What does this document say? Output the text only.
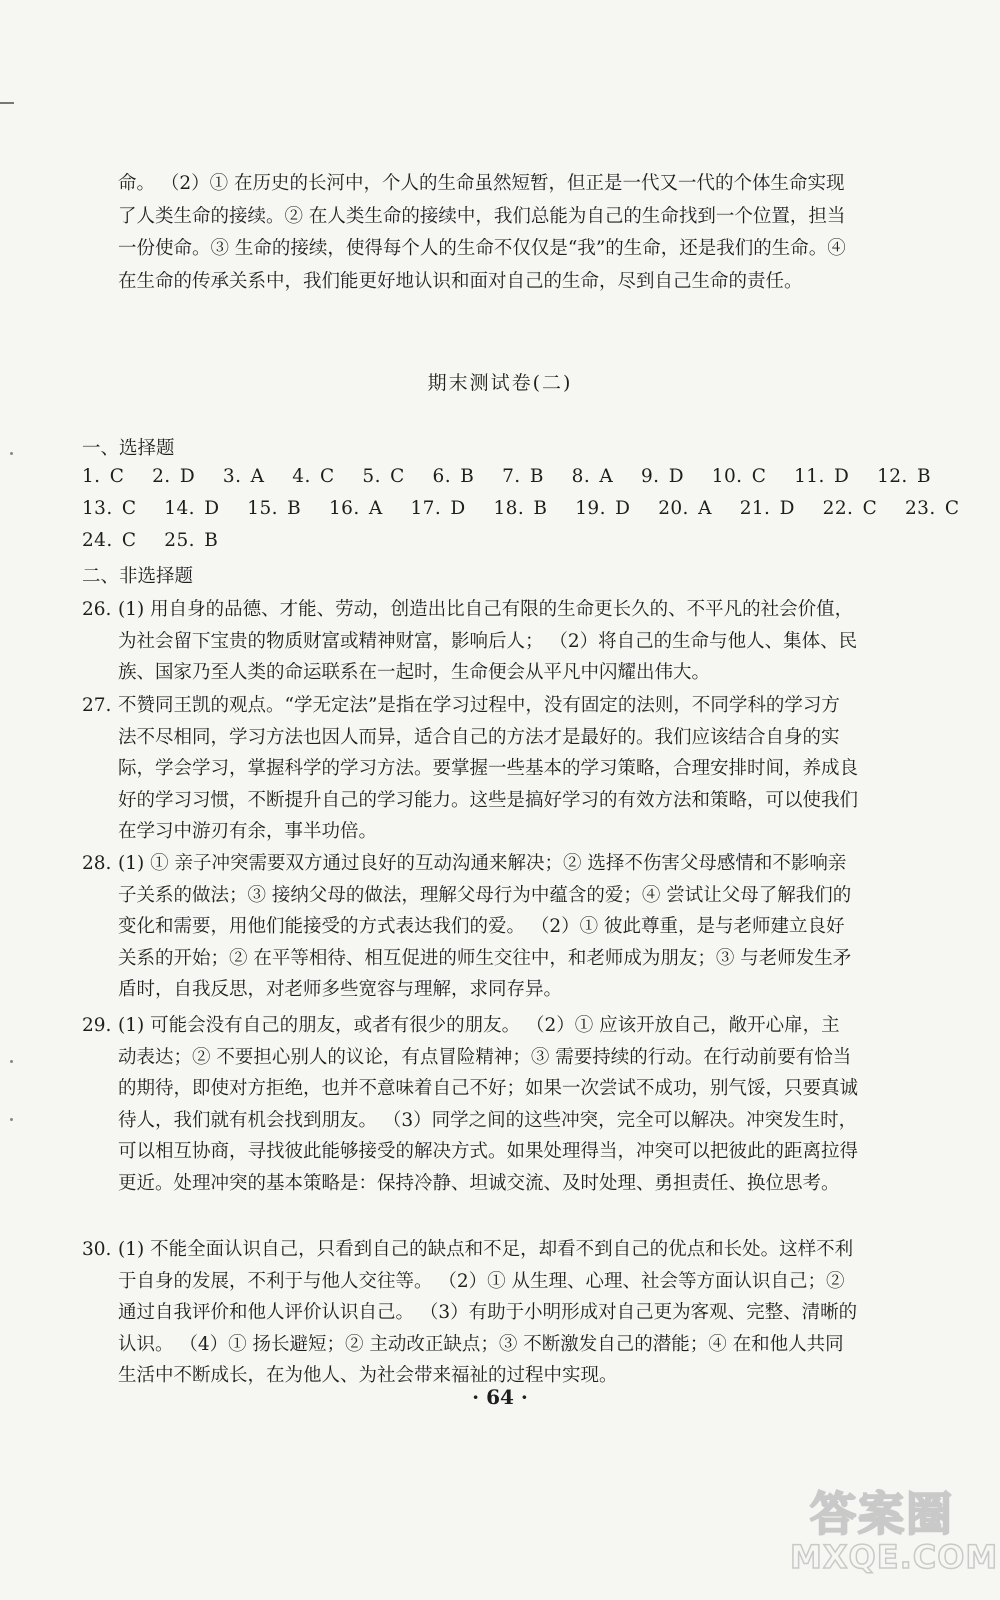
命。 （2）① 在历史的长河中，个人的生命虽然短暂，但正是一代又一代的个体生命实现了人类生命的接续。② 在人类生命的接续中，我们总能为自己的生命找到一个位置，担当一份使命。③ 生命的接续，使得每个人的生命不仅仅是“我”的生命，还是我们的生命。④ 在生命的传承关系中，我们能更好地认识和面对自己的生命，尽到自己生命的责任。

期末测试卷(二)
一、选择题
1. C   2. D   3. A   4. C   5. C   6. B   7. B   8. A   9. D   10. C   11. D   12. B
13. C   14. D   15. B   16. A   17. D   18. B   19. D   20. A   21. D   22. C   23. C
24. C   25. B
二、非选择题
26. (1) 用自身的品德、才能、劳动，创造出比自己有限的生命更长久的、不平凡的社会价值，为社会留下宝贵的物质财富或精神财富，影响后人； （2）将自己的生命与他人、集体、民族、国家乃至人类的命运联系在一起时，生命便会从平凡中闪耀出伟大。
27. 不赞同王凯的观点。“学无定法”是指在学习过程中，没有固定的法则，不同学科的学习方法不尽相同，学习方法也因人而异，适合自己的方法才是最好的。我们应该结合自身的实际，学会学习，掌握科学的学习方法。要掌握一些基本的学习策略，合理安排时间，养成良好的学习习惯，不断提升自己的学习能力。这些是搞好学习的有效方法和策略，可以使我们在学习中游刃有余，事半功倍。
28. (1) ① 亲子冲突需要双方通过良好的互动沟通来解决；② 选择不伤害父母感情和不影响亲子关系的做法；③ 接纳父母的做法，理解父母行为中蕴含的爱；④ 尝试让父母了解我们的变化和需要，用他们能接受的方式表达我们的爱。 （2）① 彼此尊重，是与老师建立良好关系的开始；② 在平等相待、相互促进的师生交往中，和老师成为朋友；③ 与老师发生矛盾时，自我反思，对老师多些宽容与理解，求同存异。
29. (1) 可能会没有自己的朋友，或者有很少的朋友。 （2）① 应该开放自己，敞开心扉，主动表达；② 不要担心别人的议论，有点冒险精神；③ 需要持续的行动。在行动前要有恰当的期待，即使对方拒绝，也并不意味着自己不好；如果一次尝试不成功，别气馁，只要真诚待人，我们就有机会找到朋友。 （3）同学之间的这些冲突，完全可以解决。冲突发生时，可以相互协商，寻找彼此能够接受的解决方式。如果处理得当，冲突可以把彼此的距离拉得更近。处理冲突的基本策略是：保持冷静、坦诚交流、及时处理、勇担责任、换位思考。
30. (1) 不能全面认识自己，只看到自己的缺点和不足，却看不到自己的优点和长处。这样不利于自身的发展，不利于与他人交往等。 （2）① 从生理、心理、社会等方面认识自己；② 通过自我评价和他人评价认识自己。 （3）有助于小明形成对自己更为客观、完整、清晰的认识。 （4）① 扬长避短；② 主动改正缺点；③ 不断激发自己的潜能；④ 在和他人共同生活中不断成长，在为他人、为社会带来福祉的过程中实现。
· 64 ·
答案圈
MXQE.COM
